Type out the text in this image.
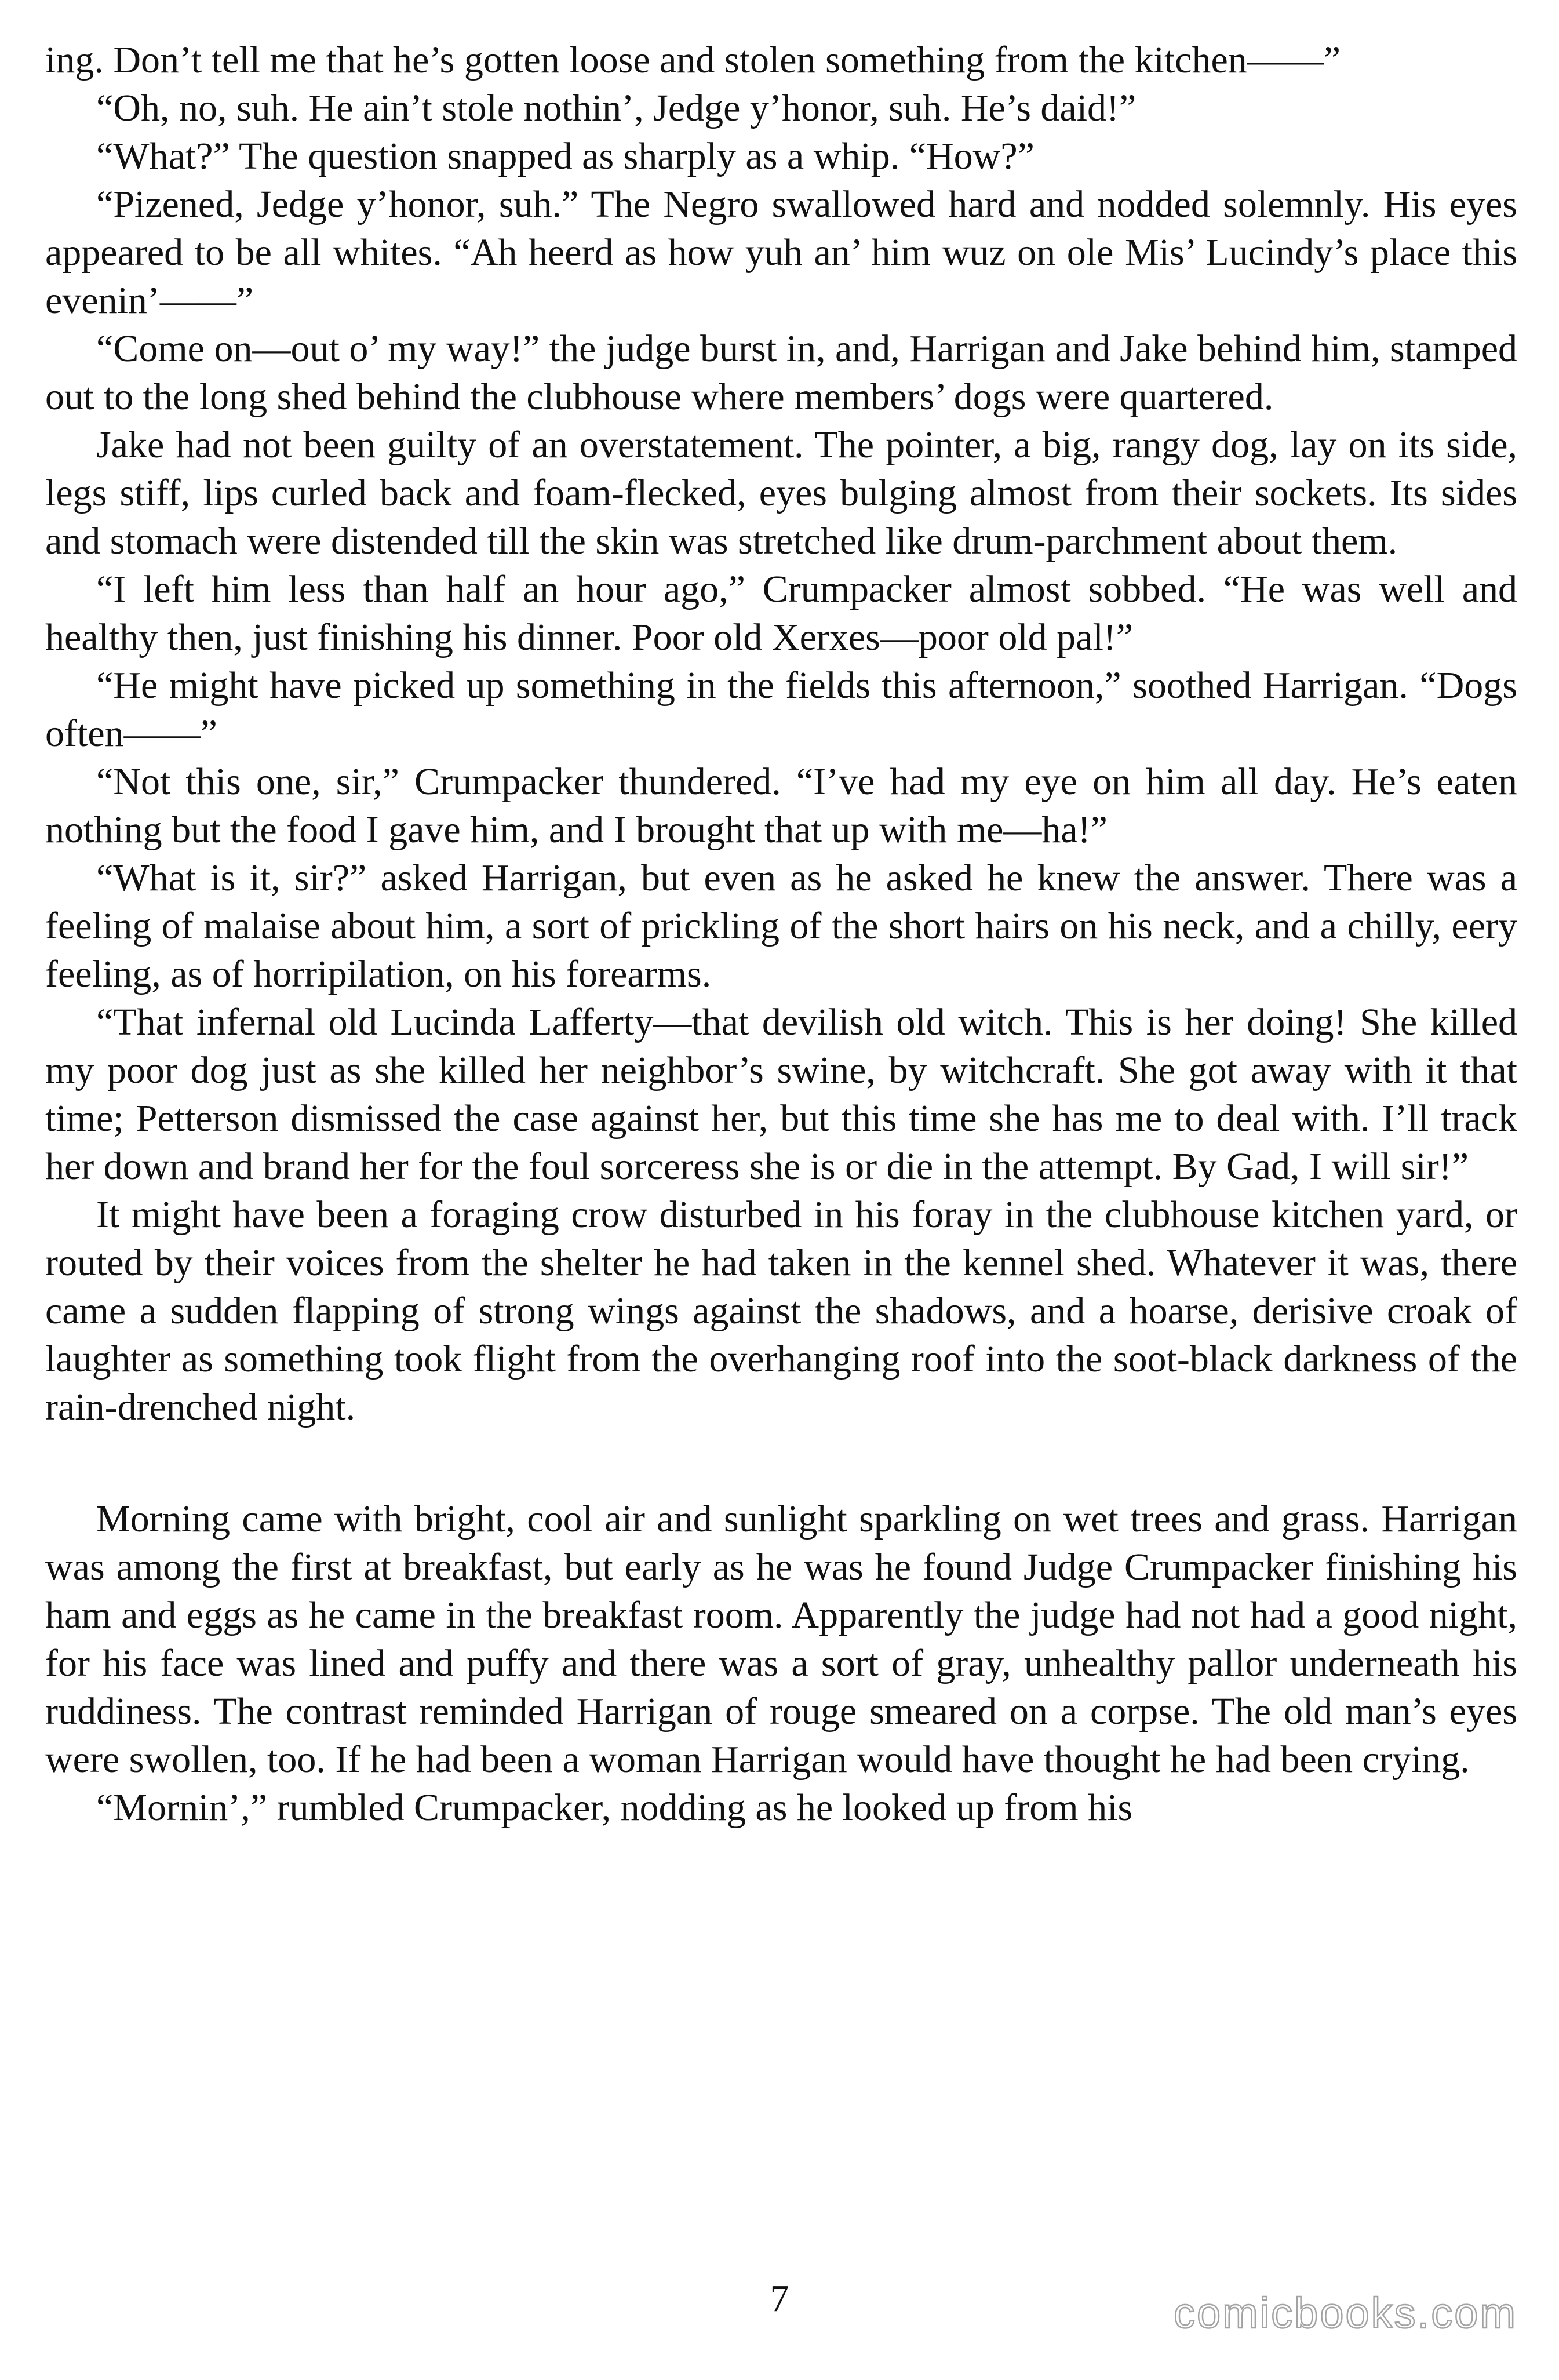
ing. Don’t tell me that he’s gotten loose and stolen something from the kitchen——”

“Oh, no, suh. He ain’t stole nothin’, Jedge y’honor, suh. He’s daid!”

“What?” The question snapped as sharply as a whip. “How?”

“Pizened, Jedge y’honor, suh.” The Negro swallowed hard and nodded solemnly. His eyes appeared to be all whites. “Ah heerd as how yuh an’ him wuz on ole Mis’ Lucindy’s place this evenin’——”

“Come on—out o’ my way!” the judge burst in, and, Harrigan and Jake behind him, stamped out to the long shed behind the clubhouse where members’ dogs were quartered.

Jake had not been guilty of an overstatement. The pointer, a big, rangy dog, lay on its side, legs stiff, lips curled back and foam-flecked, eyes bulging almost from their sockets. Its sides and stomach were distended till the skin was stretched like drum-parchment about them.

“I left him less than half an hour ago,” Crumpacker almost sobbed. “He was well and healthy then, just finishing his dinner. Poor old Xerxes—poor old pal!”

“He might have picked up something in the fields this afternoon,” soothed Harrigan. “Dogs often——”

“Not this one, sir,” Crumpacker thundered. “I’ve had my eye on him all day. He’s eaten nothing but the food I gave him, and I brought that up with me—ha!”

“What is it, sir?” asked Harrigan, but even as he asked he knew the answer. There was a feeling of malaise about him, a sort of prickling of the short hairs on his neck, and a chilly, eery feeling, as of horripilation, on his forearms.

“That infernal old Lucinda Lafferty—that devilish old witch. This is her doing! She killed my poor dog just as she killed her neighbor’s swine, by witchcraft. She got away with it that time; Petterson dismissed the case against her, but this time she has me to deal with. I’ll track her down and brand her for the foul sorceress she is or die in the attempt. By Gad, I will sir!”

It might have been a foraging crow disturbed in his foray in the clubhouse kitchen yard, or routed by their voices from the shelter he had taken in the kennel shed. Whatever it was, there came a sudden flapping of strong wings against the shadows, and a hoarse, derisive croak of laughter as something took flight from the overhanging roof into the soot-black darkness of the rain-drenched night.

Morning came with bright, cool air and sunlight sparkling on wet trees and grass. Harrigan was among the first at breakfast, but early as he was he found Judge Crumpacker finishing his ham and eggs as he came in the breakfast room. Apparently the judge had not had a good night, for his face was lined and puffy and there was a sort of gray, unhealthy pallor underneath his ruddiness. The contrast reminded Harrigan of rouge smeared on a corpse. The old man’s eyes were swollen, too. If he had been a woman Harrigan would have thought he had been crying.

“Mornin’,” rumbled Crumpacker, nodding as he looked up from his

7	comicbooks.com
